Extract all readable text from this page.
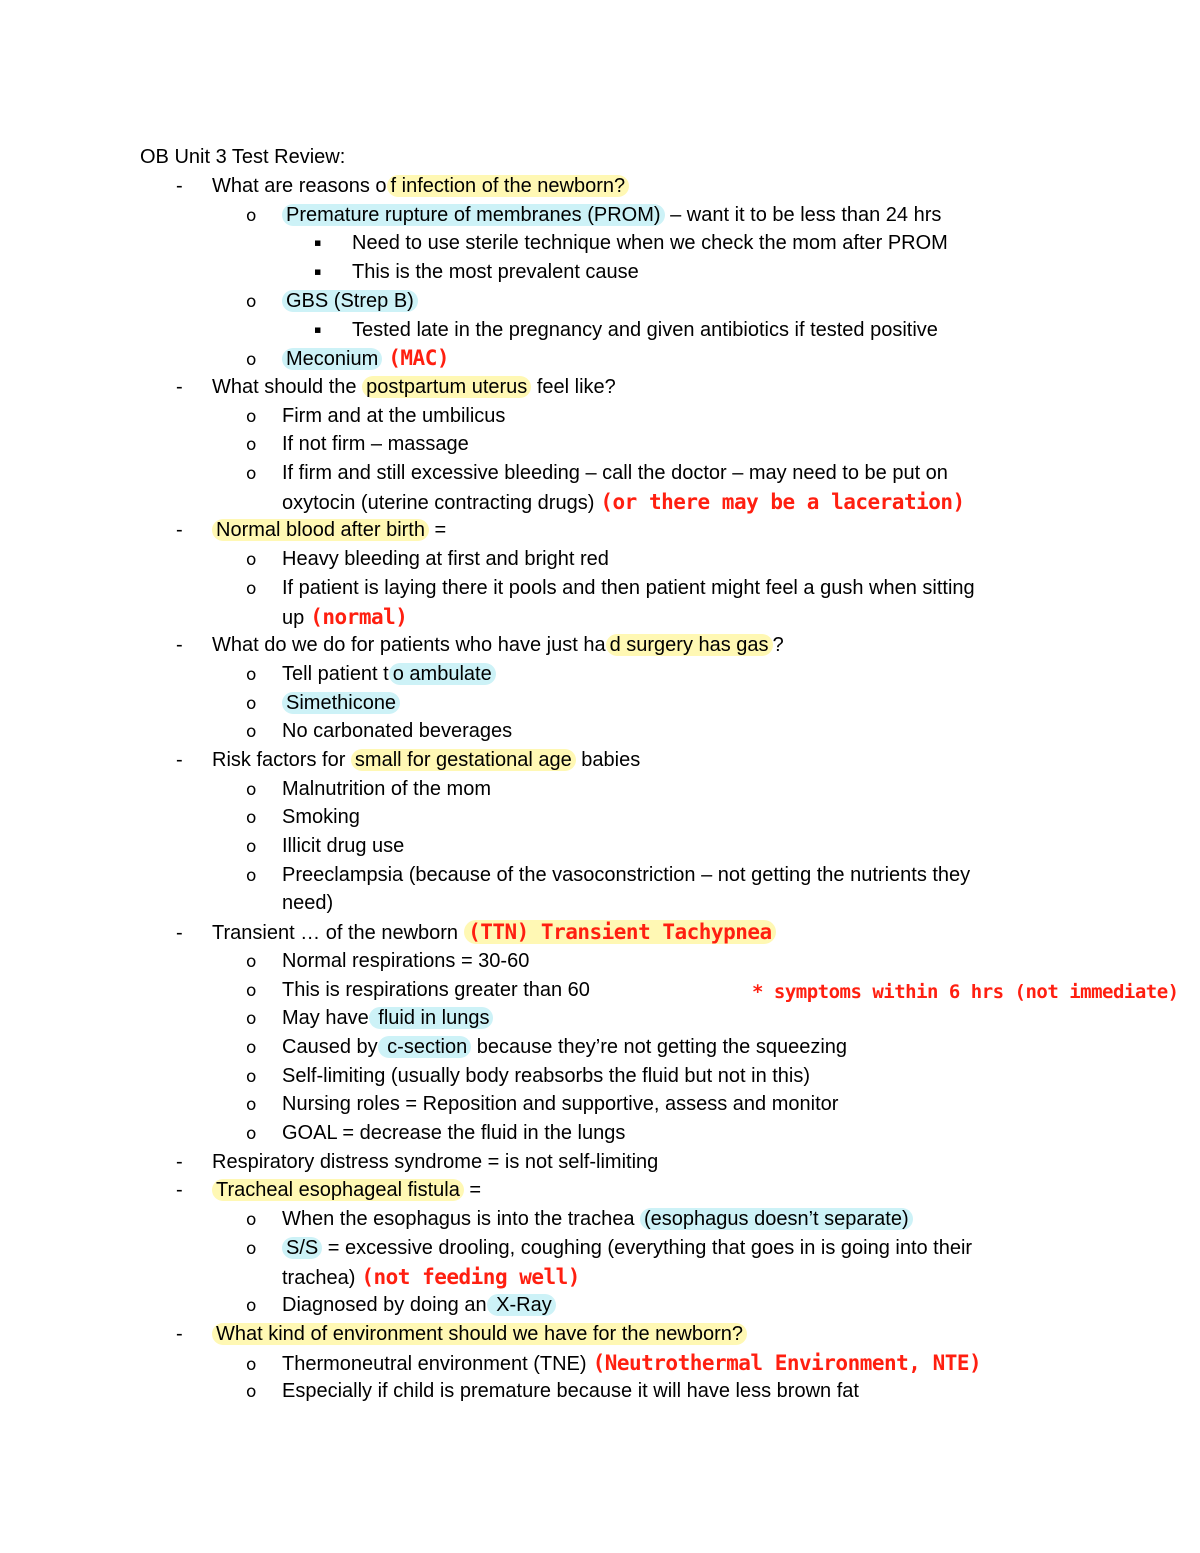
OB Unit 3 Test Review:
- What are reasons o f infection of the newborn?
o Premature rupture of membranes (PROM) – want it to be less than 24 hrs
▪ Need to use sterile technique when we check the mom after PROM
▪ This is the most prevalent cause
o GBS (Strep B)
▪ Tested late in the pregnancy and given antibiotics if tested positive
o Meconium (MAC)
- What should the postpartum uterus feel like?
o Firm and at the umbilicus
o If not firm – massage
o If firm and still excessive bleeding – call the doctor – may need to be put on
oxytocin (uterine contracting drugs) (or there may be a laceration)
- Normal blood after birth =
o Heavy bleeding at first and bright red
o If patient is laying there it pools and then patient might feel a gush when sitting
up (normal)
- What do we do for patients who have just ha d surgery has gas ?
o Tell patient t o ambulate
o Simethicone
o No carbonated beverages
- Risk factors for small for gestational age babies
o Malnutrition of the mom
o Smoking
o Illicit drug use
o Preeclampsia (because of the vasoconstriction – not getting the nutrients they
need)
- Transient … of the newborn (TTN) Transient Tachypnea
o Normal respirations = 30-60
o This is respirations greater than 60	* symptoms within 6 hrs (not immediate)
o May have fluid in lungs
o Caused by c-section because they’re not getting the squeezing
o Self-limiting (usually body reabsorbs the fluid but not in this)
o Nursing roles = Reposition and supportive, assess and monitor
o GOAL = decrease the fluid in the lungs
- Respiratory distress syndrome = is not self-limiting
- Tracheal esophageal fistula =
o When the esophagus is into the trachea (esophagus doesn’t separate)
o S/S = excessive drooling, coughing (everything that goes in is going into their
trachea) (not feeding well)
o Diagnosed by doing an X-Ray
- What kind of environment should we have for the newborn?
o Thermoneutral environment (TNE) (Neutrothermal Environment, NTE)
o Especially if child is premature because it will have less brown fat
